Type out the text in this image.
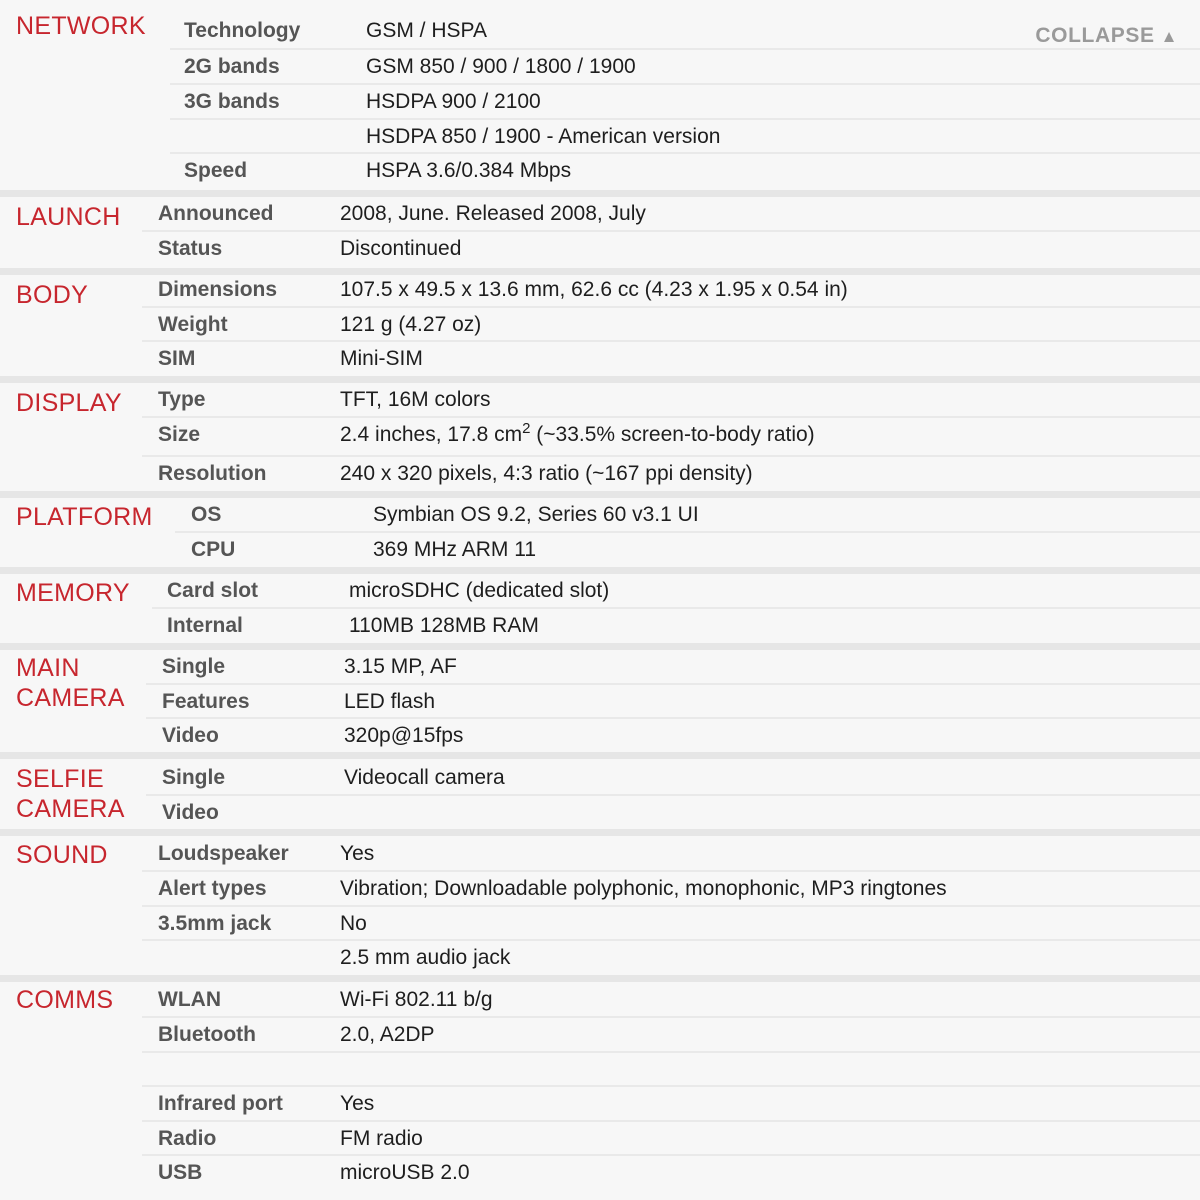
NETWORK Technology	GSM / HSPA
2G bands	GSM 850 / 900 / 1800 / 1900
3G bands	HSDPA 900 / 2100
HSDPA 850 / 1900 - American version
Speed	HSPA 3.6/0.384 Mbps
LAUNCH Announced	2008, June. Released 2008, July
Status	Discontinued
BODY	Dimensions	107.5 x 49.5 x 13.6 mm, 62.6 cc (4.23 x 1.95 x 0.54 in)
Weight	121 g (4.27 oz)
SIM	Mini-SIM
DISPLAY Type	TFT, 16M colors
Size	2.4 inches, 17.8 $cm^2$ (~33.5% screen-to-body ratio)
Resolution	240 x 320 pixels, 4:3 ratio (~167 ppi density)
PLATFORM OS	Symbian OS 9.2, Series 60 v3.1 UI
CPU	369 MHz ARM 11
MEMORY Card slot	microSDHC (dedicated slot)
Internal	110MB 128MB RAM
MAIN
CAMERA
Single	3.15 MP, AF
Features	LED flash
Video	320p@15fps
SELFIE
CAMERA
Single	Videocall camera
Video
SOUND Loudspeaker Yes
Alert types	Vibration; Downloadable polyphonic, monophonic, MP3 ringtones
3.5mm jack	No
2.5 mm audio jack
COMMS WLAN	Wi-Fi 802.11 b/g
Bluetooth	2.0, A2DP
Infrared port	Yes
Radio	FM radio
USB	microUSB 2.0
COLLAPSE ▲
